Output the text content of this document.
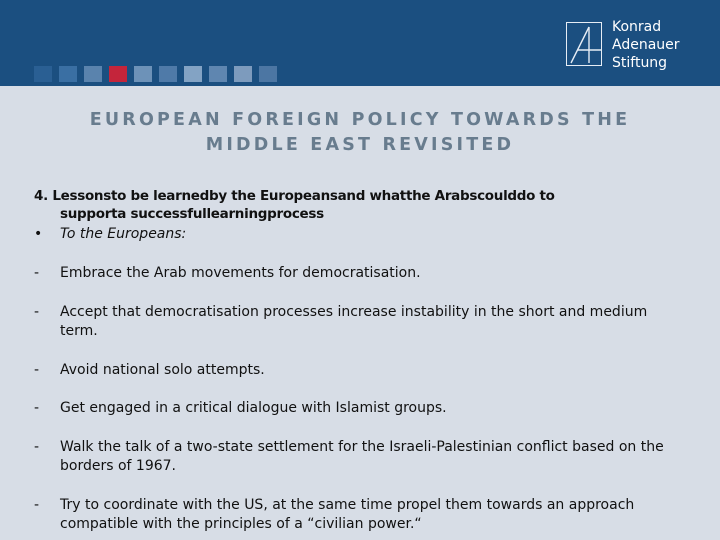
Konrad
Adenauer
Stiftung
EUROPEAN FOREIGN POLICY TOWARDS THE
MIDDLE EAST REVISITED
4. Lessonsto be learnedby the Europeansand whatthe Arabscoulddo to
supporta successfullearningprocess
•	To the Europeans:
- Embrace the Arab movements for democratisation.
- Accept that democratisation processes increase instability in the short and medium term.
- Avoid national solo attempts.
- Get engaged in a critical dialogue with Islamist groups.
- Walk the talk of a two-state settlement for the Israeli-Palestinian conflict based on the borders of 1967.
- Try to coordinate with the US, at the same time propel them towards an approach compatible with the principles of a “civilian power.“
